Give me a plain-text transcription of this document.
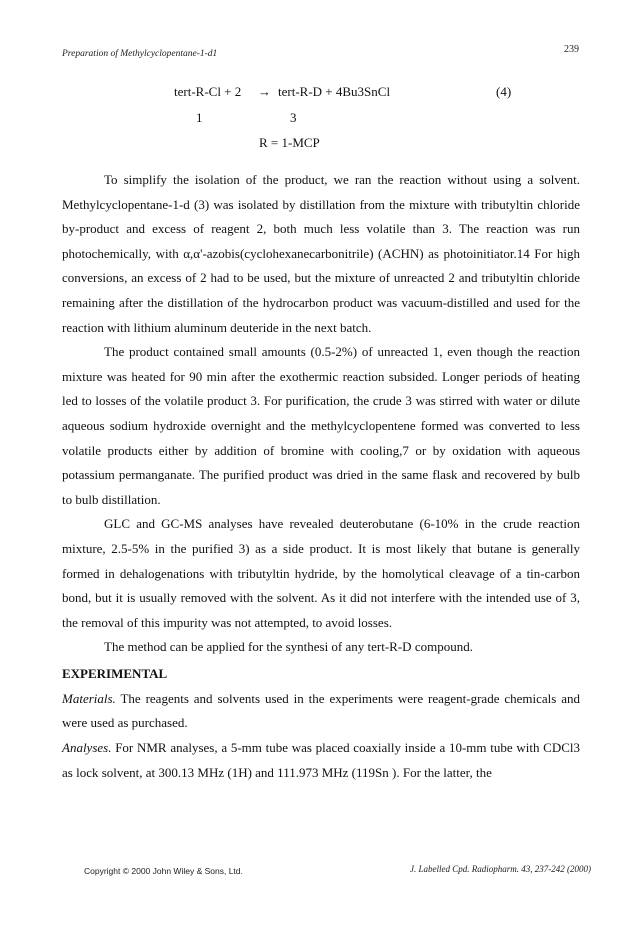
Preparation of Methylcyclopentane-1-d1	239
tert-R-Cl + 2 → tert-R-D + 4Bu3SnCl	(4)
1	3
R = 1-MCP

To simplify the isolation of the product, we ran the reaction without using a solvent. Methylcyclopentane-1-d (3) was isolated by distillation from the mixture with tributyltin chloride by-product and excess of reagent 2, both much less volatile than 3. The reaction was run photochemically, with α,α'-azobis(cyclohexanecarbonitrile) (ACHN) as photoinitiator.14 For high conversions, an excess of 2 had to be used, but the mixture of unreacted 2 and tributyltin chloride remaining after the distillation of the hydrocarbon product was vacuum-distilled and used for the reaction with lithium aluminum deuteride in the next batch.

The product contained small amounts (0.5-2%) of unreacted 1, even though the reaction mixture was heated for 90 min after the exothermic reaction subsided. Longer periods of heating led to losses of the volatile product 3. For purification, the crude 3 was stirred with water or dilute aqueous sodium hydroxide overnight and the methylcyclopentene formed was converted to less volatile products either by addition of bromine with cooling,7 or by oxidation with aqueous potassium permanganate. The purified product was dried in the same flask and recovered by bulb to bulb distillation.

GLC and GC-MS analyses have revealed deuterobutane (6-10% in the crude reaction mixture, 2.5-5% in the purified 3) as a side product. It is most likely that butane is generally formed in dehalogenations with tributyltin hydride, by the homolytical cleavage of a tin-carbon bond, but it is usually removed with the solvent. As it did not interfere with the intended use of 3, the removal of this impurity was not attempted, to avoid losses.

The method can be applied for the synthesi of any tert-R-D compound.

EXPERIMENTAL

Materials. The reagents and solvents used in the experiments were reagent-grade chemicals and were used as purchased.

Analyses. For NMR analyses, a 5-mm tube was placed coaxially inside a 10-mm tube with CDCl3 as lock solvent, at 300.13 MHz (1H) and 111.973 MHz (119Sn ). For the latter, the

Copyright © 2000 John Wiley & Sons, Ltd.	J. Labelled Cpd. Radiopharm. 43, 237-242 (2000)
